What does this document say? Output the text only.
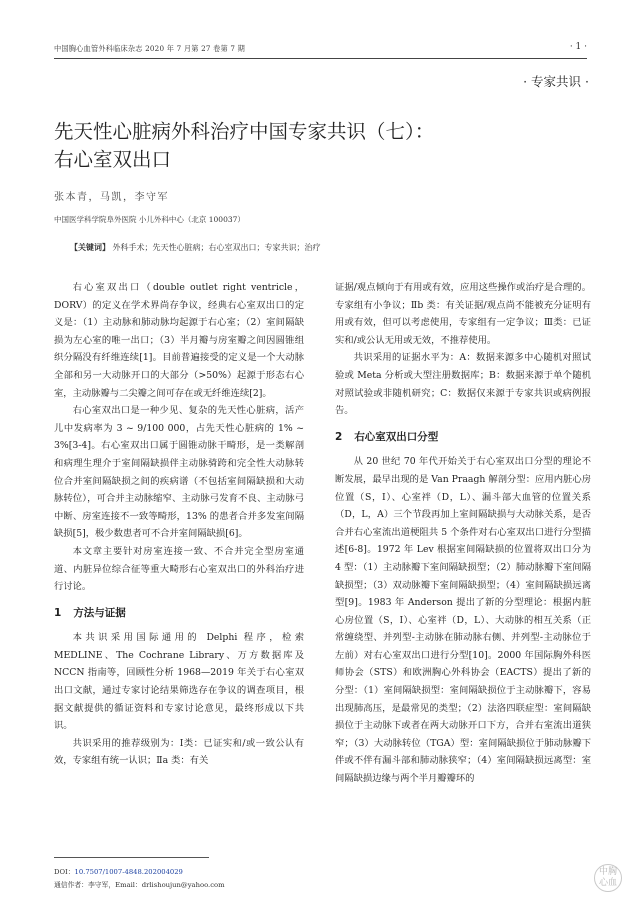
中国胸心血管外科临床杂志 2020 年 7 月第 27 卷第 7 期	· 1 ·
· 专家共识 ·
先天性心脏病外科治疗中国专家共识（七）：
右心室双出口
张本青，马凯，李守军
中国医学科学院阜外医院 小儿外科中心（北京 100037）
【关键词】 外科手术；先天性心脏病；右心室双出口；专家共识；治疗

右心室双出口（double outlet right ventricle，DORV）的定义在学术界尚存争议，经典右心室双出口的定义是：（1）主动脉和肺动脉均起源于右心室；（2）室间隔缺损为左心室的唯一出口；（3）半月瓣与房室瓣之间因圆锥组织分隔没有纤维连续[1]。目前普遍接受的定义是一个大动脉全部和另一大动脉开口的大部分（>50%）起源于形态右心室，主动脉瓣与二尖瓣之间可存在或无纤维连续[2]。

右心室双出口是一种少见、复杂的先天性心脏病，活产儿中发病率为 3 ~ 9/100 000，占先天性心脏病的 1% ~ 3%[3-4]。右心室双出口属于圆锥动脉干畸形，是一类解剖和病理生理介于室间隔缺损伴主动脉骑跨和完全性大动脉转位合并室间隔缺损之间的疾病谱（不包括室间隔缺损和大动脉转位），可合并主动脉缩窄、主动脉弓发育不良、主动脉弓中断、房室连接不一致等畸形，13% 的患者合并多发室间隔缺损[5]，极少数患者可不合并室间隔缺损[6]。

本文章主要针对房室连接一致、不合并完全型房室通道、内脏异位综合征等重大畸形右心室双出口的外科治疗进行讨论。

1 方法与证据

本共识采用国际通用的 Delphi 程序，检索 MEDLINE、The Cochrane Library、万方数据库及 NCCN 指南等，回顾性分析 1968—2019 年关于右心室双出口文献，通过专家讨论结果筛选存在争议的调查项目，根据文献提供的循证资料和专家讨论意见，最终形成以下共识。

共识采用的推荐级别为：Ⅰ类：已证实和/或一致公认有效，专家组有统一认识；Ⅱa 类：有关

证据/观点倾向于有用或有效，应用这些操作或治疗是合理的。专家组有小争议；Ⅱb 类：有关证据/观点尚不能被充分证明有用或有效，但可以考虑使用，专家组有一定争议；Ⅲ类：已证实和/或公认无用或无效，不推荐使用。

共识采用的证据水平为：A：数据来源多中心随机对照试验或 Meta 分析或大型注册数据库；B：数据来源于单个随机对照试验或非随机研究；C：数据仅来源于专家共识或病例报告。

2 右心室双出口分型

从 20 世纪 70 年代开始关于右心室双出口分型的理论不断发展，最早出现的是 Van Praagh 解剖分型：应用内脏心房位置（S，I）、心室袢（D，L）、漏斗部大血管的位置关系（D，L，A）三个节段再加上室间隔缺损与大动脉关系，是否合并右心室流出道梗阻共 5 个条件对右心室双出口进行分型描述[6-8]。1972 年 Lev 根据室间隔缺损的位置将双出口分为 4 型：（1）主动脉瓣下室间隔缺损型；（2）肺动脉瓣下室间隔缺损型；（3）双动脉瓣下室间隔缺损型；（4）室间隔缺损远离型[9]。1983 年 Anderson 提出了新的分型理论：根据内脏心房位置（S，I）、心室袢（D，L）、大动脉的相互关系（正常缠绕型、并列型-主动脉在肺动脉右侧、并列型-主动脉位于左前）对右心室双出口进行分型[10]。2000 年国际胸外科医师协会（STS）和欧洲胸心外科协会（EACTS）提出了新的分型：（1）室间隔缺损型：室间隔缺损位于主动脉瓣下，容易出现肺高压，是最常见的类型；（2）法洛四联症型：室间隔缺损位于主动脉下或者在两大动脉开口下方，合并右室流出道狭窄；（3）大动脉转位（TGA）型：室间隔缺损位于肺动脉瓣下伴或不伴有漏斗部和肺动脉狭窄；（4）室间隔缺损远离型：室间隔缺损边缘与两个半月瓣瓣环的

DOI：10.7507/1007-4848.202004029
通信作者：李守军，Email：drlishoujun@yahoo.com
中胸
心血
